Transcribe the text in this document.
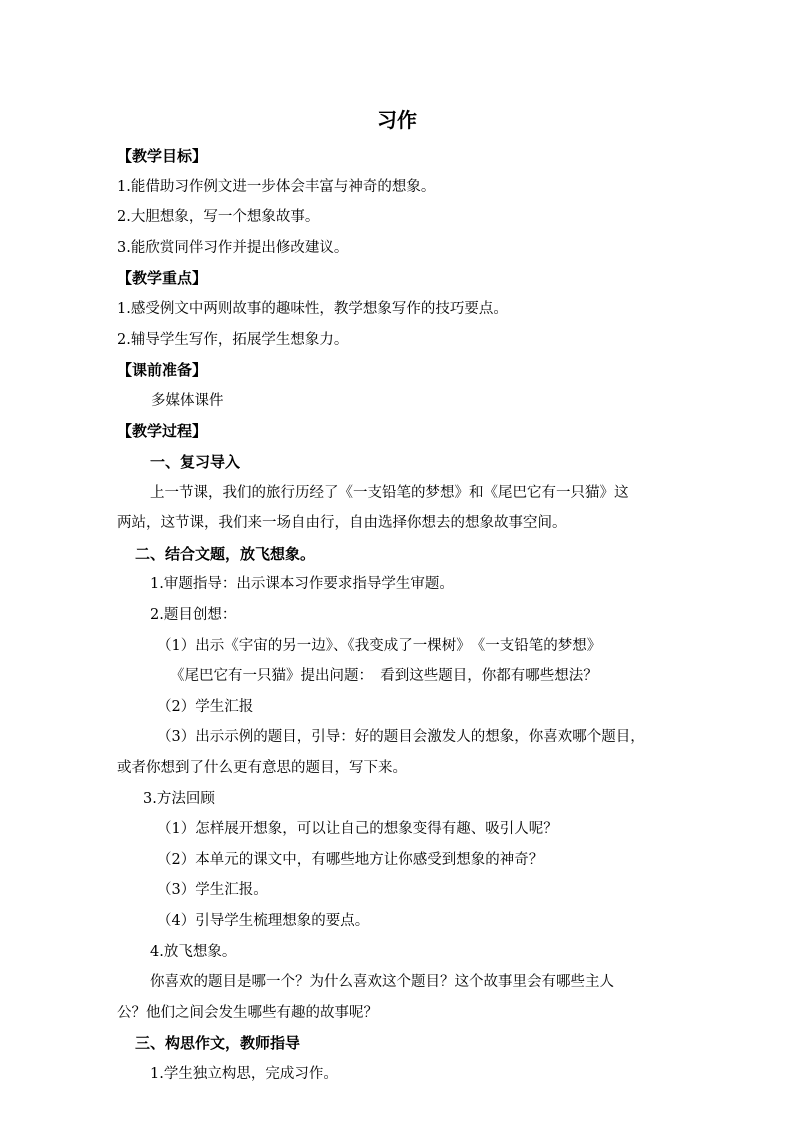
习作
【教学目标】
1.能借助习作例文进一步体会丰富与神奇的想象。
2.大胆想象，写一个想象故事。
3.能欣赏同伴习作并提出修改建议。
【教学重点】
1.感受例文中两则故事的趣味性，教学想象写作的技巧要点。
2.辅导学生写作，拓展学生想象力。
【课前准备】
多媒体课件
【教学过程】
一、复习导入
上一节课，我们的旅行历经了《一支铅笔的梦想》和《尾巴它有一只猫》这
两站，这节课，我们来一场自由行，自由选择你想去的想象故事空间。
二、结合文题，放飞想象。
1.审题指导：出示课本习作要求指导学生审题。
2.题目创想：
（1）出示《宇宙的另一边》、《我变成了一棵树》　《一支铅笔的梦想》
《尾巴它有一只猫》提出问题：　看到这些题目，你都有哪些想法？
（2）学生汇报
（3）出示示例的题目，引导：好的题目会激发人的想象，你喜欢哪个题目，
或者你想到了什么更有意思的题目，写下来。
3.方法回顾
（1）怎样展开想象，可以让自己的想象变得有趣、吸引人呢？
（2）本单元的课文中，有哪些地方让你感受到想象的神奇？
（3）学生汇报。
（4）引导学生梳理想象的要点。
4.放飞想象。
你喜欢的题目是哪一个？为什么喜欢这个题目？这个故事里会有哪些主人
公？他们之间会发生哪些有趣的故事呢？
三、构思作文，教师指导
1.学生独立构思，完成习作。
